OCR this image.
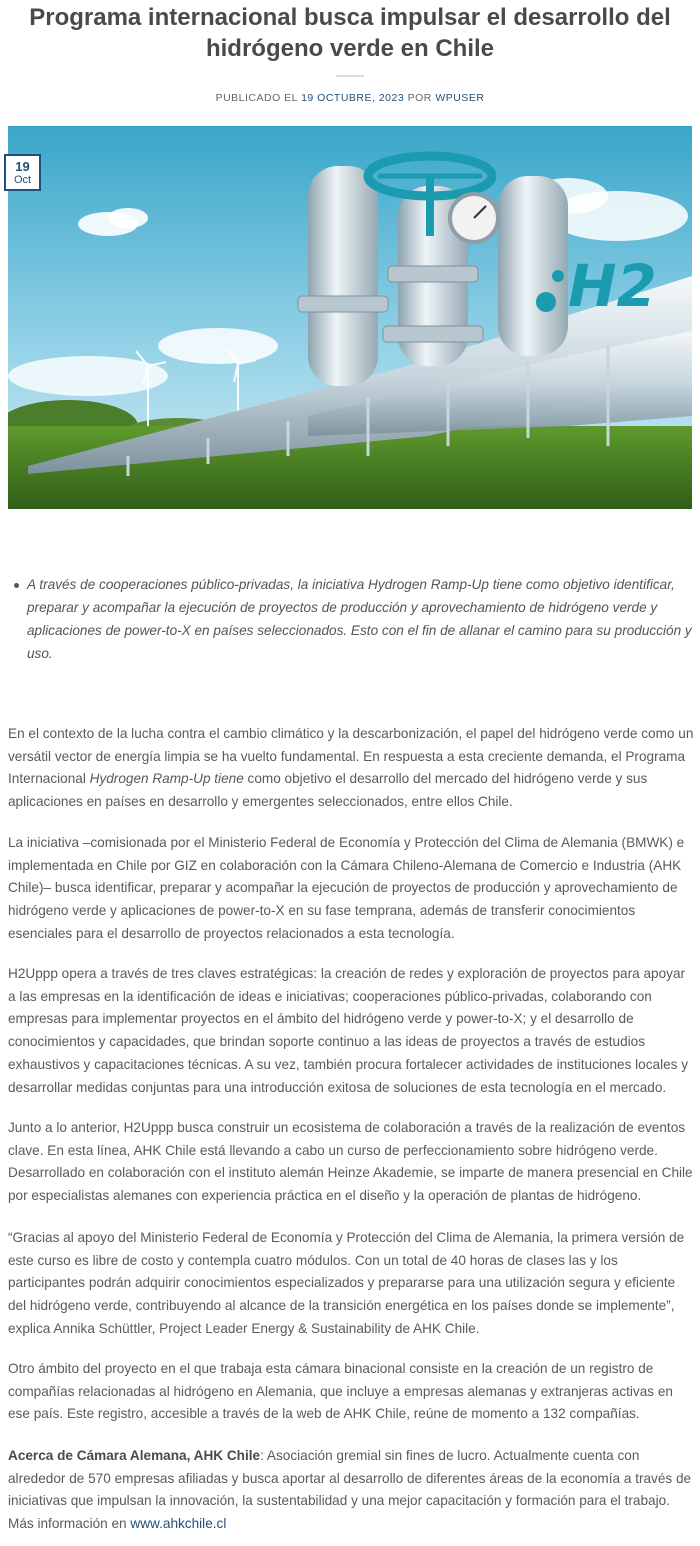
Programa internacional busca impulsar el desarrollo del hidrógeno verde en Chile
PUBLICADO EL 19 OCTUBRE, 2023 POR WPUSER
H2
19
Oct

A través de cooperaciones público-privadas, la iniciativa Hydrogen Ramp-Up tiene como objetivo identificar, preparar y acompañar la ejecución de proyectos de producción y aprovechamiento de hidrógeno verde y aplicaciones de power-to-X en países seleccionados. Esto con el fin de allanar el camino para su producción y uso.

En el contexto de la lucha contra el cambio climático y la descarbonización, el papel del hidrógeno verde como un versátil vector de energía limpia se ha vuelto fundamental. En respuesta a esta creciente demanda, el Programa Internacional Hydrogen Ramp-Up tiene como objetivo el desarrollo del mercado del hidrógeno verde y sus aplicaciones en países en desarrollo y emergentes seleccionados, entre ellos Chile.

La iniciativa –comisionada por el Ministerio Federal de Economía y Protección del Clima de Alemania (BMWK) e implementada en Chile por GIZ en colaboración con la Cámara Chileno-Alemana de Comercio e Industria (AHK Chile)– busca identificar, preparar y acompañar la ejecución de proyectos de producción y aprovechamiento de hidrógeno verde y aplicaciones de power-to-X en su fase temprana, además de transferir conocimientos esenciales para el desarrollo de proyectos relacionados a esta tecnología.

H2Uppp opera a través de tres claves estratégicas: la creación de redes y exploración de proyectos para apoyar a las empresas en la identificación de ideas e iniciativas; cooperaciones público-privadas, colaborando con empresas para implementar proyectos en el ámbito del hidrógeno verde y power-to-X; y el desarrollo de conocimientos y capacidades, que brindan soporte continuo a las ideas de proyectos a través de estudios exhaustivos y capacitaciones técnicas. A su vez, también procura fortalecer actividades de instituciones locales y desarrollar medidas conjuntas para una introducción exitosa de soluciones de esta tecnología en el mercado.

Junto a lo anterior, H2Uppp busca construir un ecosistema de colaboración a través de la realización de eventos clave. En esta línea, AHK Chile está llevando a cabo un curso de perfeccionamiento sobre hidrógeno verde. Desarrollado en colaboración con el instituto alemán Heinze Akademie, se imparte de manera presencial en Chile por especialistas alemanes con experiencia práctica en el diseño y la operación de plantas de hidrógeno.

“Gracias al apoyo del Ministerio Federal de Economía y Protección del Clima de Alemania, la primera versión de este curso es libre de costo y contempla cuatro módulos. Con un total de 40 horas de clases las y los participantes podrán adquirir conocimientos especializados y prepararse para una utilización segura y eficiente del hidrógeno verde, contribuyendo al alcance de la transición energética en los países donde se implemente”, explica Annika Schüttler, Project Leader Energy & Sustainability de AHK Chile.

Otro ámbito del proyecto en el que trabaja esta cámara binacional consiste en la creación de un registro de compañías relacionadas al hidrógeno en Alemania, que incluye a empresas alemanas y extranjeras activas en ese país. Este registro, accesible a través de la web de AHK Chile, reúne de momento a 132 compañías.

Acerca de Cámara Alemana, AHK Chile: Asociación gremial sin fines de lucro. Actualmente cuenta con alrededor de 570 empresas afiliadas y busca aportar al desarrollo de diferentes áreas de la economía a través de iniciativas que impulsan la innovación, la sustentabilidad y una mejor capacitación y formación para el trabajo. Más información en www.ahkchile.cl
